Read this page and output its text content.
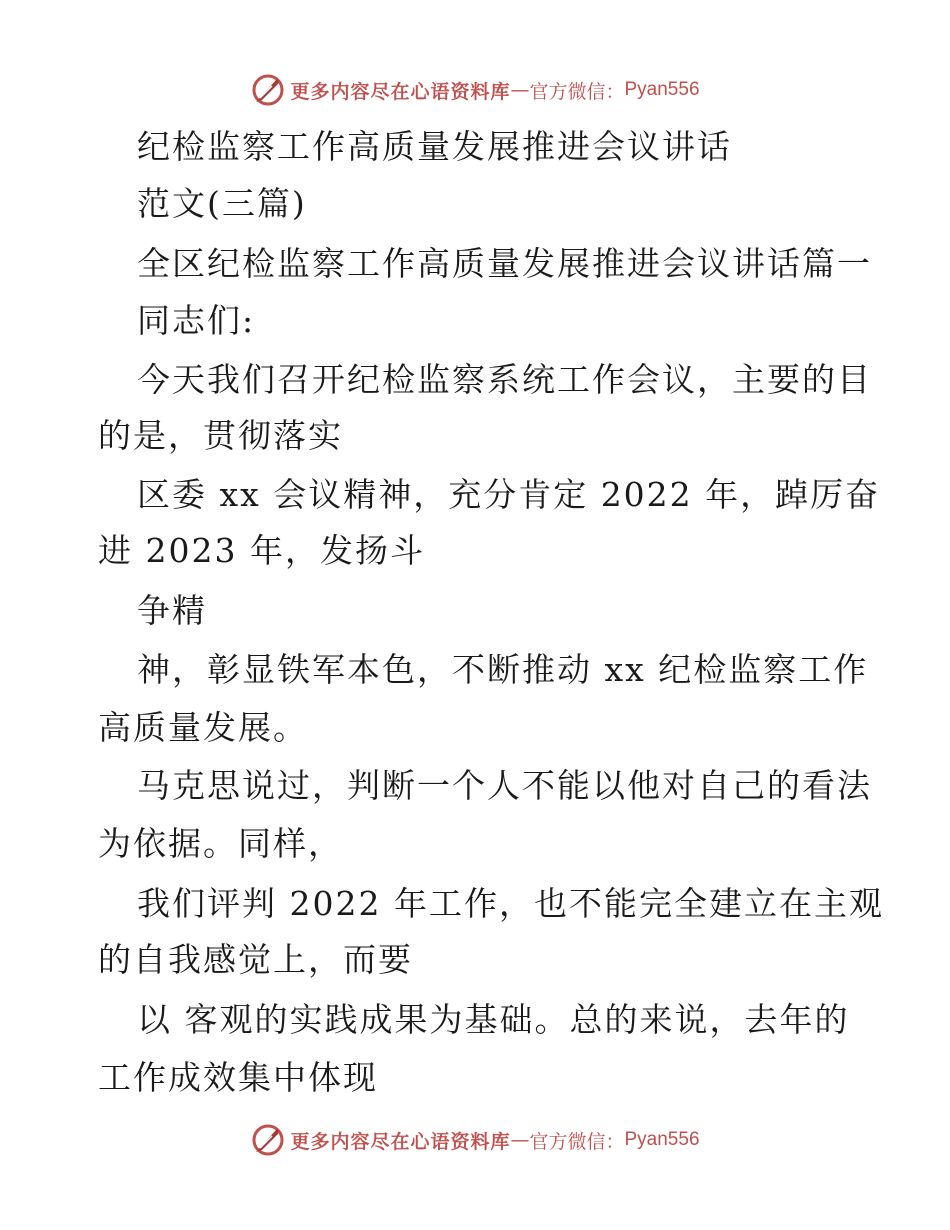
更多内容尽在心语资料库 — 官方微信： Pyan556
纪检监察工作高质量发展推进会议讲话
范文(三篇)
全区纪检监察工作高质量发展推进会议讲话篇一
同志们:
今天我们召开纪检监察系统工作会议，主要的目
的是，贯彻落实
区委 xx 会议精神，充分肯定 2022 年，踔厉奋
进 2023 年，发扬斗
争精
神，彰显铁军本色，不断推动 xx 纪检监察工作
高质量发展。
马克思说过，判断一个人不能以他对自己的看法
为依据。同样，
我们评判 2022 年工作，也不能完全建立在主观
的自我感觉上，而要
以 客观的实践成果为基础。总的来说，去年的
工作成效集中体现
更多内容尽在心语资料库 — 官方微信： Pyan556
